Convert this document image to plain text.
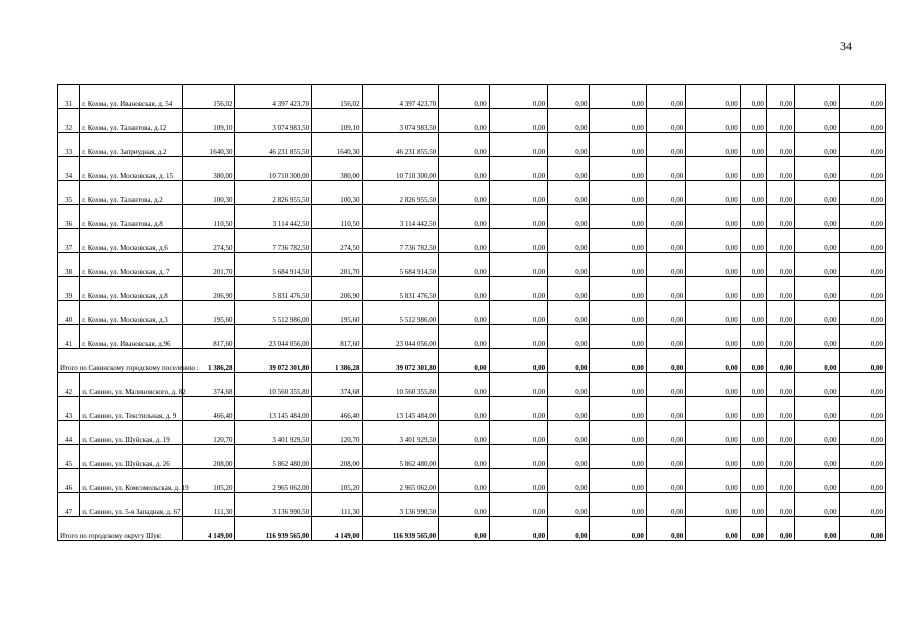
34
31	г. Кохма, ул. Ивановская, д. 54	156,02	4 397 423,70	156,02	4 397 423,70	0,00	0,00	0,00	0,00	0,00	0,00	0,00	0,00	0,00	0,00
32	г. Кохма, ул. Талантова, д.12	109,10	3 074 983,50	109,10	3 074 983,50	0,00	0,00	0,00	0,00	0,00	0,00	0,00	0,00	0,00	0,00
33	г. Кохма, ул. Заприудная, д.2	1640,30	46 231 855,50	1640,30	46 231 855,50	0,00	0,00	0,00	0,00	0,00	0,00	0,00	0,00	0,00	0,00
34	г. Кохма, ул. Московская, д. 15	380,00	10 710 300,00	380,00	10 710 300,00	0,00	0,00	0,00	0,00	0,00	0,00	0,00	0,00	0,00	0,00
35	г. Кохма, ул. Талантова, д.2	100,30	2 826 955,50	100,30	2 826 955,50	0,00	0,00	0,00	0,00	0,00	0,00	0,00	0,00	0,00	0,00
36	г. Кохма, ул. Талантова, д.8	110,50	3 114 442,50	110,50	3 114 442,50	0,00	0,00	0,00	0,00	0,00	0,00	0,00	0,00	0,00	0,00
37	г. Кохма, ул. Московская, д.6	274,50	7 736 782,50	274,50	7 736 782,50	0,00	0,00	0,00	0,00	0,00	0,00	0,00	0,00	0,00	0,00
38	г. Кохма, ул. Московская, д. 7	201,70	5 684 914,50	201,70	5 684 914,50	0,00	0,00	0,00	0,00	0,00	0,00	0,00	0,00	0,00	0,00
39	г. Кохма, ул. Московская, д.8	206,90	5 831 476,50	206,90	5 831 476,50	0,00	0,00	0,00	0,00	0,00	0,00	0,00	0,00	0,00	0,00
40	г. Кохма, ул. Московская, д.3	195,60	5 512 986,00	195,60	5 512 986,00	0,00	0,00	0,00	0,00	0,00	0,00	0,00	0,00	0,00	0,00
41	г. Кохма, ул. Ивановская, д.96	817,60	23 044 056,00	817,60	23 044 056,00	0,00	0,00	0,00	0,00	0,00	0,00	0,00	0,00	0,00	0,00
Итого по Савинскому городскому поселению :		1 386,28	39 072 301,80	1 386,28	39 072 301,80	0,00	0,00	0,00	0,00	0,00	0,00	0,00	0,00	0,00	0,00
42	п. Савино, ул. Малиновского, д. 82	374,68	10 560 355,80	374,68	10 560 355,80	0,00	0,00	0,00	0,00	0,00	0,00	0,00	0,00	0,00	0,00
43	п. Савино, ул. Текстильная, д. 9	466,40	13 145 484,00	466,40	13 145 484,00	0,00	0,00	0,00	0,00	0,00	0,00	0,00	0,00	0,00	0,00
44	п. Савино, ул. Шуйская, д. 19	120,70	3 401 929,50	120,70	3 401 929,50	0,00	0,00	0,00	0,00	0,00	0,00	0,00	0,00	0,00	0,00
45	п. Савино, ул. Шуйская, д. 26	208,00	5 862 480,00	208,00	5 862 480,00	0,00	0,00	0,00	0,00	0,00	0,00	0,00	0,00	0,00	0,00
46	п. Савино, ул. Комсомольская, д. 19	105,20	2 965 062,00	105,20	2 965 062,00	0,00	0,00	0,00	0,00	0,00	0,00	0,00	0,00	0,00	0,00
47	п. Савино, ул. 5-я Западная, д. 67	111,30	3 136 990,50	111,30	3 136 990,50	0,00	0,00	0,00	0,00	0,00	0,00	0,00	0,00	0,00	0,00
Итого по городскому округу Шуя:		4 149,00	116 939 565,00	4 149,00	116 939 565,00	0,00	0,00	0,00	0,00	0,00	0,00	0,00	0,00	0,00	0,00
